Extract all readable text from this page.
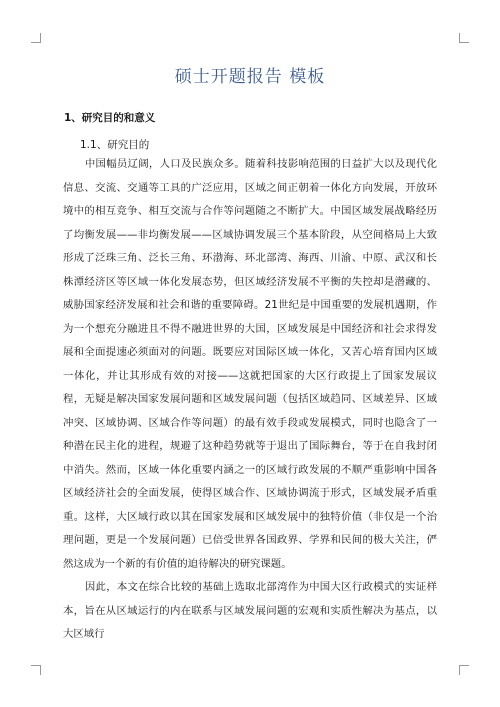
硕士开题报告 模板
1、研究目的和意义
1.1、研究目的

中国幅员辽阔，人口及民族众多。随着科技影响范围的日益扩大以及现代化信息、交流、交通等工具的广泛应用，区域之间正朝着一体化方向发展，开放环境中的相互竞争、相互交流与合作等问题随之不断扩大。中国区域发展战略经历了均衡发展——非均衡发展——区域协调发展三个基本阶段，从空间格局上大致形成了泛珠三角、泛长三角、环渤海、环北部湾、海西、川渝、中原、武汉和长株潭经济区等区域一体化发展态势，但区域经济发展不平衡的失控却是潜藏的、威胁国家经济发展和社会和谐的重要障碍。21世纪是中国重要的发展机遇期，作为一个想充分融进且不得不融进世界的大国，区域发展是中国经济和社会求得发展和全面提速必须面对的问题。既要应对国际区域一体化，又苦心培育国内区域一体化，并让其形成有效的对接——这就把国家的大区行政提上了国家发展议程，无疑是解决国家发展问题和区域发展问题（包括区域趋同、区域差异、区域冲突、区域协调、区域合作等问题）的最有效手段或发展模式，同时也隐含了一种潜在民主化的进程，规避了这种趋势就等于退出了国际舞台，等于在自我封闭中消失。然而，区域一体化重要内涵之一的区域行政发展的不顺严重影响中国各区域经济社会的全面发展，使得区域合作、区域协调流于形式，区域发展矛盾重重。这样，大区域行政以其在国家发展和区域发展中的独特价值（非仅是一个治理问题，更是一个发展问题）已倍受世界各国政界、学界和民间的极大关注，俨然这成为一个新的有价值的迫待解决的研究课题。

因此，本文在综合比较的基础上选取北部湾作为中国大区行政模式的实证样本，旨在从区域运行的内在联系与区域发展问题的宏观和实质性解决为基点，以大区域行
